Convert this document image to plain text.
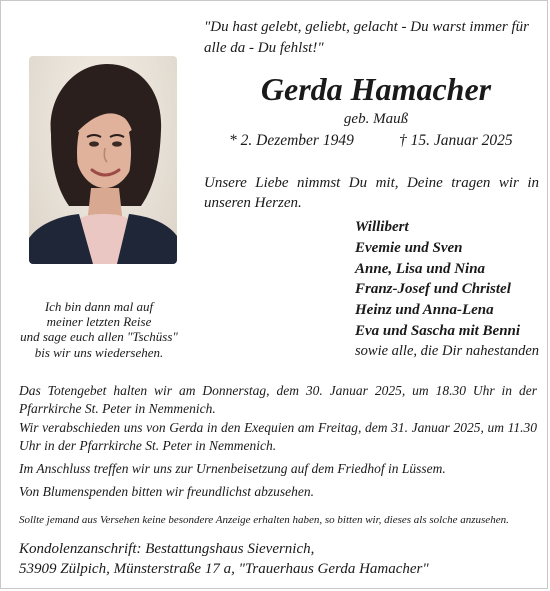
"Du hast gelebt, geliebt, gelacht - Du warst immer für alle da - Du fehlst!"
Gerda Hamacher
geb. Mauß
* 2. Dezember 1949	† 15. Januar 2025
Unsere Liebe nimmst Du mit, Deine tragen wir in unseren Herzen.
Willibert
Evemie und Sven
Anne, Lisa und Nina
Franz-Josef und Christel
Heinz und Anna-Lena
Eva und Sascha mit Benni
sowie alle, die Dir nahestanden
Ich bin dann mal auf
meiner letzten Reise
und sage euch allen "Tschüss"
bis wir uns wiedersehen.
Das Totengebet halten wir am Donnerstag, dem 30. Januar 2025, um 18.30 Uhr in der Pfarrkirche St. Peter in Nemmenich.
Wir verabschieden uns von Gerda in den Exequien am Freitag, dem 31. Januar 2025, um 11.30 Uhr in der Pfarrkirche St. Peter in Nemmenich.
Im Anschluss treffen wir uns zur Urnenbeisetzung auf dem Friedhof in Lüssem.
Von Blumenspenden bitten wir freundlichst abzusehen.
Sollte jemand aus Versehen keine besondere Anzeige erhalten haben, so bitten wir, dieses als solche anzusehen.
Kondolenzanschrift: Bestattungshaus Sievernich,
53909 Zülpich, Münsterstraße 17 a, "Trauerhaus Gerda Hamacher"
